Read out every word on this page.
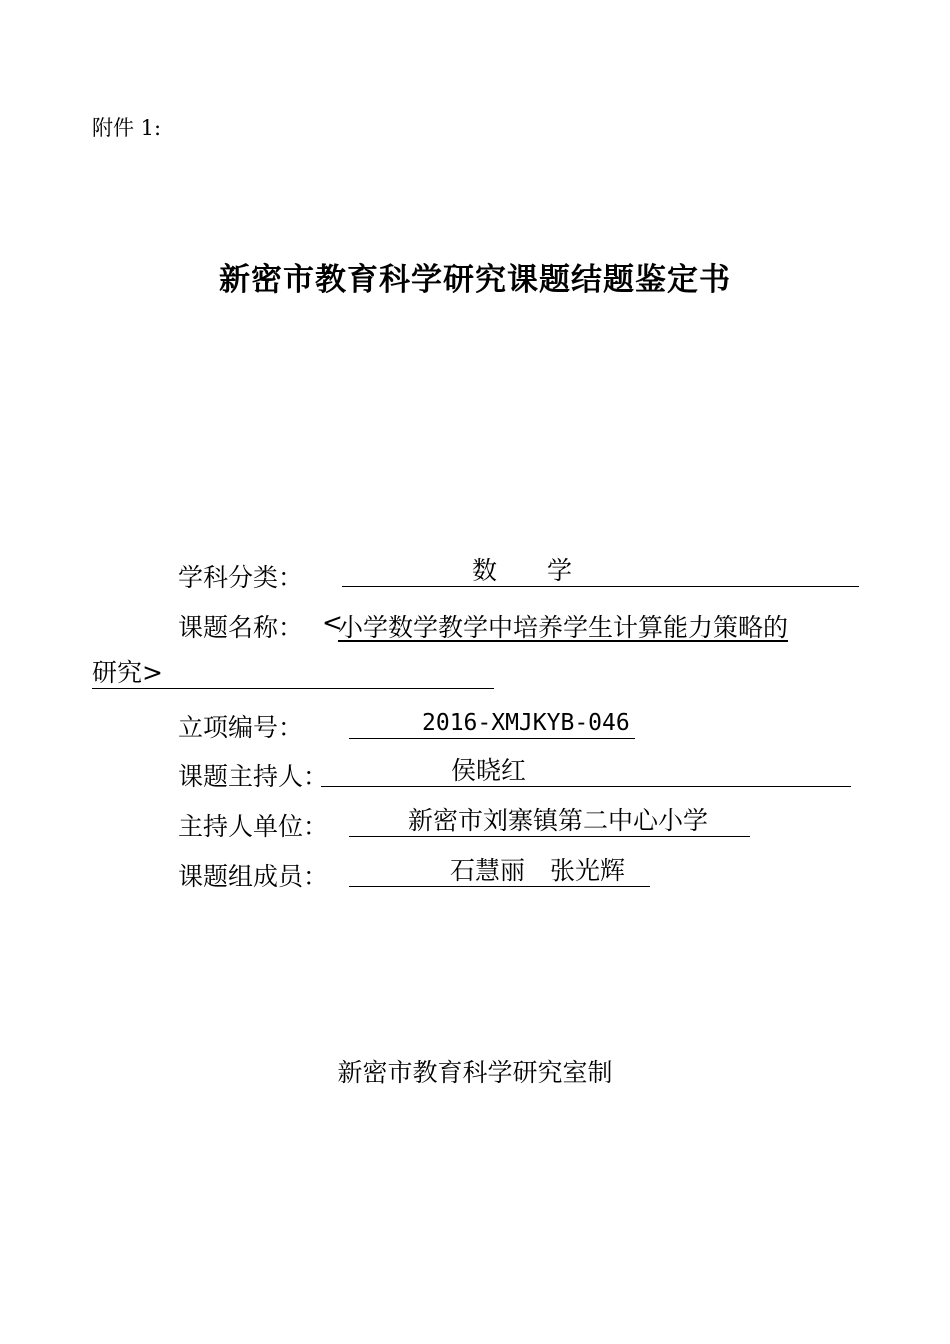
附件 1:
新密市教育科学研究课题结题鉴定书
学科分类：	数　　学
课题名称： <
小学数学教学中培养学生计算能力策略的
研究>
立项编号：	2016-XMJKYB-046
课题主持人：	侯晓红
主持人单位：	新密市刘寨镇第二中心小学
课题组成员：	石慧丽　张光辉
新密市教育科学研究室制
